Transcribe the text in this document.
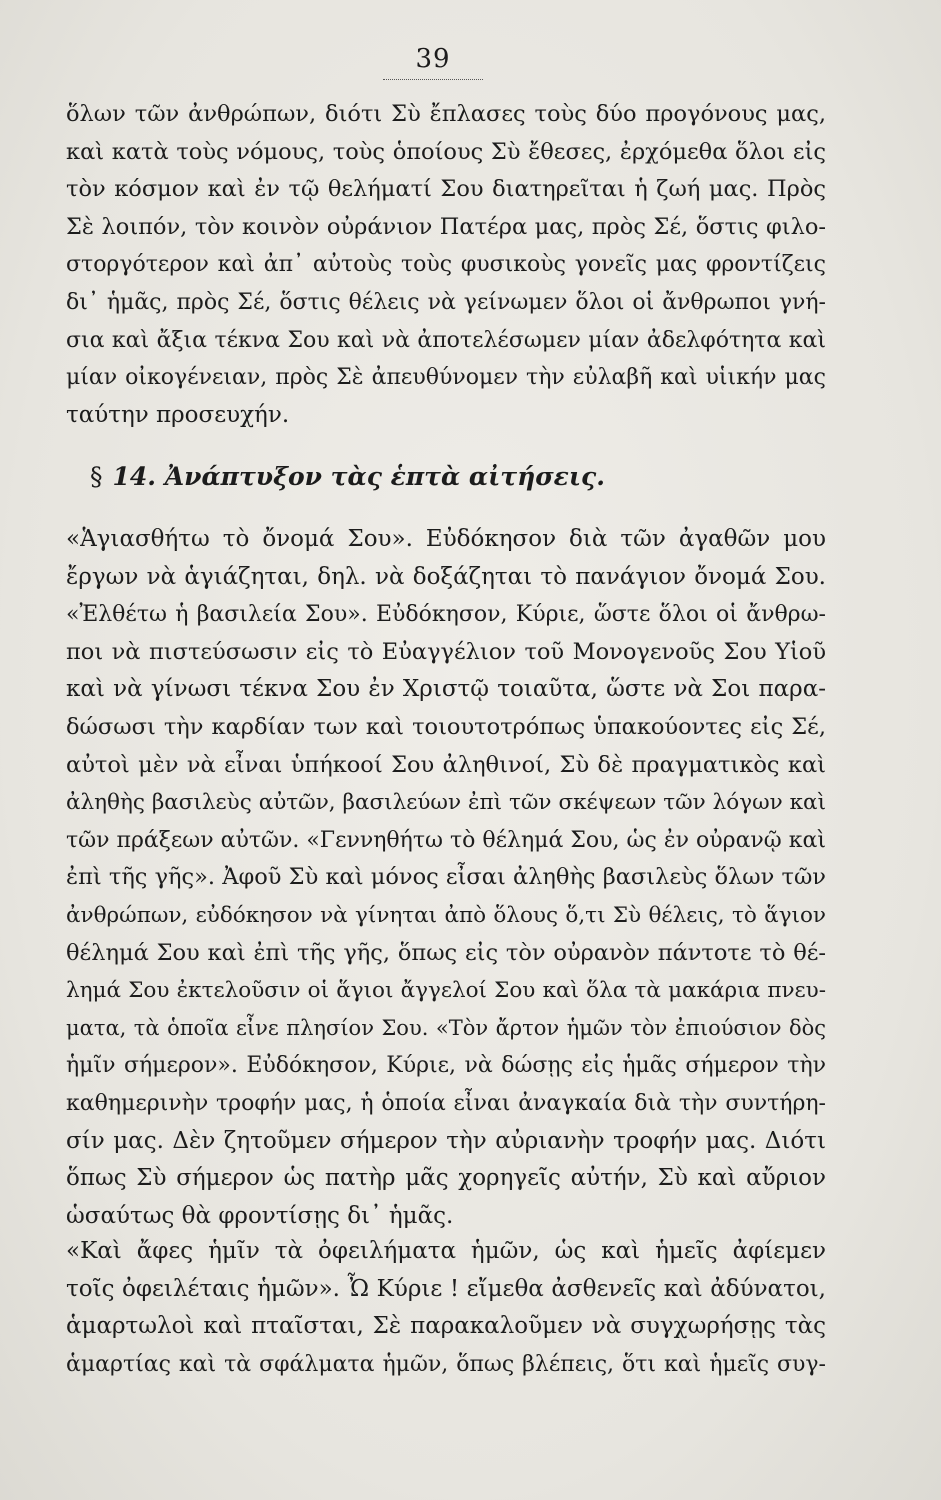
39
ὅλων τῶν ἀνθρώπων, διότι Σὺ ἔπλασες τοὺς δύο προγόνους μας,
καὶ κατὰ τοὺς νόμους, τοὺς ὁποίους Σὺ ἔθεσες, ἐρχόμεθα ὅλοι εἰς
τὸν κόσμον καὶ ἐν τῷ θελήματί Σου διατηρεῖται ἡ ζωή μας. Πρὸς
Σὲ λοιπόν, τὸν κοινὸν οὐράνιον Πατέρα μας, πρὸς Σέ, ὅστις φιλο-
στοργότερον καὶ ἀπ᾽ αὐτοὺς τοὺς φυσικοὺς γονεῖς μας φροντίζεις
δι᾽ ἡμᾶς, πρὸς Σέ, ὅστις θέλεις νὰ γείνωμεν ὅλοι οἱ ἄνθρωποι γνή-
σια καὶ ἄξια τέκνα Σου καὶ νὰ ἀποτελέσωμεν μίαν ἀδελφότητα καὶ
μίαν οἰκογένειαν, πρὸς Σὲ ἀπευθύνομεν τὴν εὐλαβῆ καὶ υἱικήν μας
ταύτην προσευχήν.
§ 14. Ἀνάπτυξον τὰς ἑπτὰ αἰτήσεις.
«Ἁγιασθήτω τὸ ὄνομά Σου». Εὐδόκησον διὰ τῶν ἀγαθῶν μου
ἔργων νὰ ἁγιάζηται, δηλ. νὰ δοξάζηται τὸ πανάγιον ὄνομά Σου.
«Ἐλθέτω ἡ βασιλεία Σου». Εὐδόκησον, Κύριε, ὥστε ὅλοι οἱ ἄνθρω-
ποι νὰ πιστεύσωσιν εἰς τὸ Εὐαγγέλιον τοῦ Μονογενοῦς Σου Υἱοῦ
καὶ νὰ γίνωσι τέκνα Σου ἐν Χριστῷ τοιαῦτα, ὥστε νὰ Σοι παρα-
δώσωσι τὴν καρδίαν των καὶ τοιουτοτρόπως ὑπακούοντες εἰς Σέ,
αὐτοὶ μὲν νὰ εἶναι ὑπήκοοί Σου ἀληθινοί, Σὺ δὲ πραγματικὸς καὶ
ἀληθὴς βασιλεὺς αὐτῶν, βασιλεύων ἐπὶ τῶν σκέψεων τῶν λόγων καὶ
τῶν πράξεων αὐτῶν. «Γεννηθήτω τὸ θέλημά Σου, ὡς ἐν οὐρανῷ καὶ
ἐπὶ τῆς γῆς». Ἀφοῦ Σὺ καὶ μόνος εἶσαι ἀληθὴς βασιλεὺς ὅλων τῶν
ἀνθρώπων, εὐδόκησον νὰ γίνηται ἀπὸ ὅλους ὅ,τι Σὺ θέλεις, τὸ ἅγιον
θέλημά Σου καὶ ἐπὶ τῆς γῆς, ὅπως εἰς τὸν οὐρανὸν πάντοτε τὸ θέ-
λημά Σου ἐκτελοῦσιν οἱ ἅγιοι ἄγγελοί Σου καὶ ὅλα τὰ μακάρια πνευ-
ματα, τὰ ὁποῖα εἶνε πλησίον Σου. «Τὸν ἄρτον ἡμῶν τὸν ἐπιούσιον δὸς
ἡμῖν σήμερον». Εὐδόκησον, Κύριε, νὰ δώσῃς εἰς ἡμᾶς σήμερον τὴν
καθημερινὴν τροφήν μας, ἡ ὁποία εἶναι ἀναγκαία διὰ τὴν συντήρη-
σίν μας. Δὲν ζητοῦμεν σήμερον τὴν αὐριανὴν τροφήν μας. Διότι
ὅπως Σὺ σήμερον ὡς πατὴρ μᾶς χορηγεῖς αὐτήν, Σὺ καὶ αὔριον
ὡσαύτως θὰ φροντίσῃς δι᾽ ἡμᾶς.
«Καὶ ἄφες ἡμῖν τὰ ὀφειλήματα ἡμῶν, ὡς καὶ ἡμεῖς ἀφίεμεν
τοῖς ὀφειλέταις ἡμῶν». Ὦ Κύριε ! εἴμεθα ἀσθενεῖς καὶ ἀδύνατοι,
ἁμαρτωλοὶ καὶ πταῖσται, Σὲ παρακαλοῦμεν νὰ συγχωρήσῃς τὰς
ἁμαρτίας καὶ τὰ σφάλματα ἡμῶν, ὅπως βλέπεις, ὅτι καὶ ἡμεῖς συγ-
